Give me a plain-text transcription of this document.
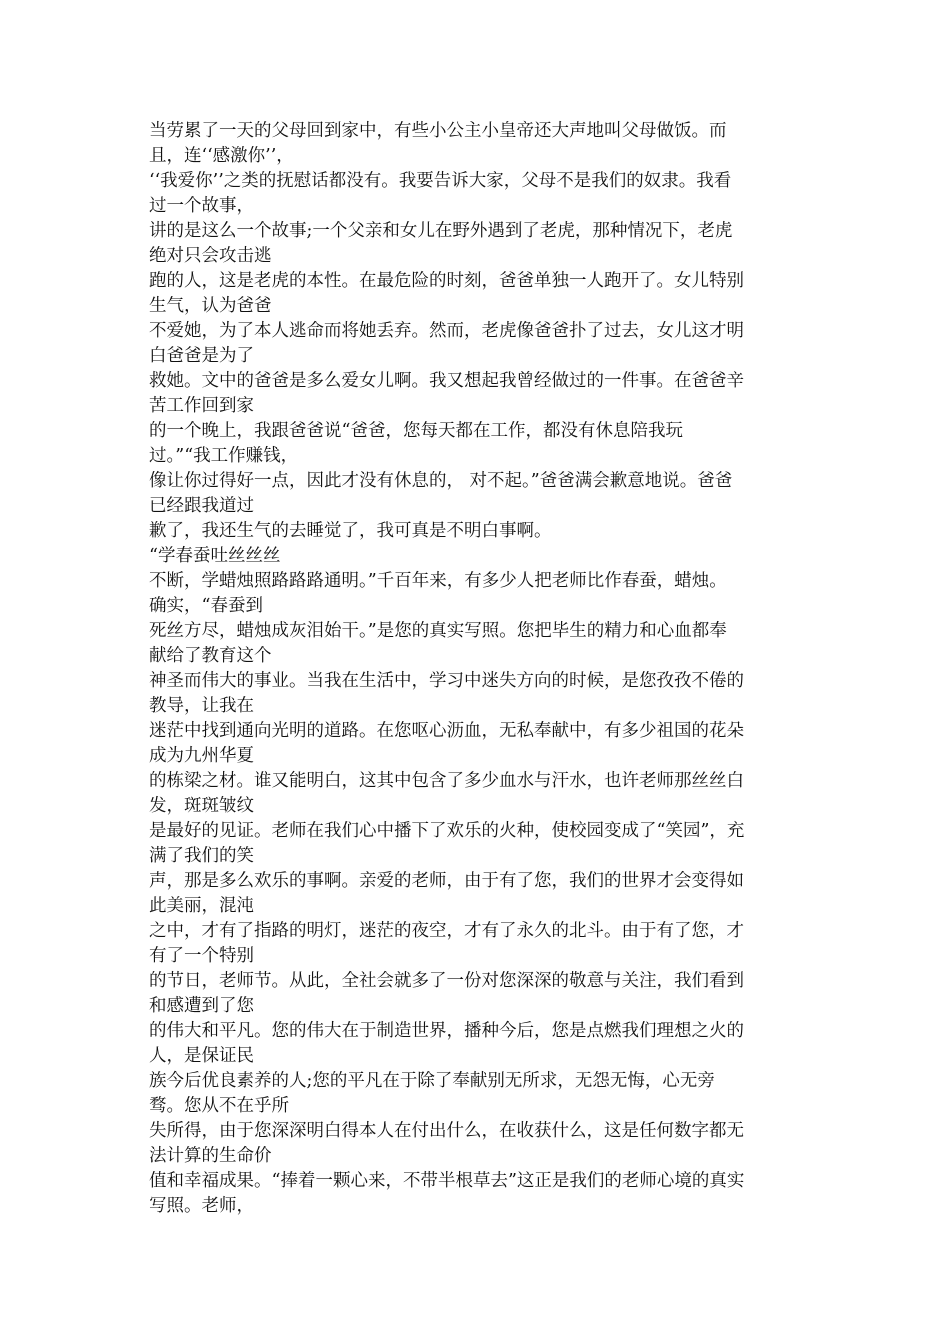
当劳累了一天的父母回到家中，有些小公主小皇帝还大声地叫父母做饭。而
且，连‘‘感激你’’，
‘‘我爱你’’之类的抚慰话都没有。我要告诉大家，父母不是我们的奴隶。我看
过一个故事，
讲的是这么一个故事;一个父亲和女儿在野外遇到了老虎，那种情况下，老虎
绝对只会攻击逃
跑的人，这是老虎的本性。在最危险的时刻，爸爸单独一人跑开了。女儿特别
生气，认为爸爸
不爱她，为了本人逃命而将她丢弃。然而，老虎像爸爸扑了过去，女儿这才明
白爸爸是为了
救她。文中的爸爸是多么爱女儿啊。我又想起我曾经做过的一件事。在爸爸辛
苦工作回到家
的一个晚上，我跟爸爸说“爸爸，您每天都在工作，都没有休息陪我玩
过。”“我工作赚钱，
像让你过得好一点，因此才没有休息的， 对不起。”爸爸满会歉意地说。爸爸
已经跟我道过
歉了，我还生气的去睡觉了，我可真是不明白事啊。
“学春蚕吐丝丝丝
不断，学蜡烛照路路路通明。”千百年来，有多少人把老师比作春蚕，蜡烛。
确实，“春蚕到
死丝方尽，蜡烛成灰泪始干。”是您的真实写照。您把毕生的精力和心血都奉
献给了教育这个
神圣而伟大的事业。当我在生活中，学习中迷失方向的时候，是您孜孜不倦的
教导，让我在
迷茫中找到通向光明的道路。在您呕心沥血，无私奉献中，有多少祖国的花朵
成为九州华夏
的栋梁之材。谁又能明白，这其中包含了多少血水与汗水，也许老师那丝丝白
发，斑斑皱纹
是最好的见证。老师在我们心中播下了欢乐的火种，使校园变成了“笑园”，充
满了我们的笑
声，那是多么欢乐的事啊。亲爱的老师，由于有了您，我们的世界才会变得如
此美丽，混沌
之中，才有了指路的明灯，迷茫的夜空，才有了永久的北斗。由于有了您，才
有了一个特别
的节日，老师节。从此，全社会就多了一份对您深深的敬意与关注，我们看到
和感遭到了您
的伟大和平凡。您的伟大在于制造世界，播种今后，您是点燃我们理想之火的
人，是保证民
族今后优良素养的人;您的平凡在于除了奉献别无所求，无怨无悔，心无旁
骛。您从不在乎所
失所得，由于您深深明白得本人在付出什么，在收获什么，这是任何数字都无
法计算的生命价
值和幸福成果。“捧着一颗心来，不带半根草去”这正是我们的老师心境的真实
写照。老师，
